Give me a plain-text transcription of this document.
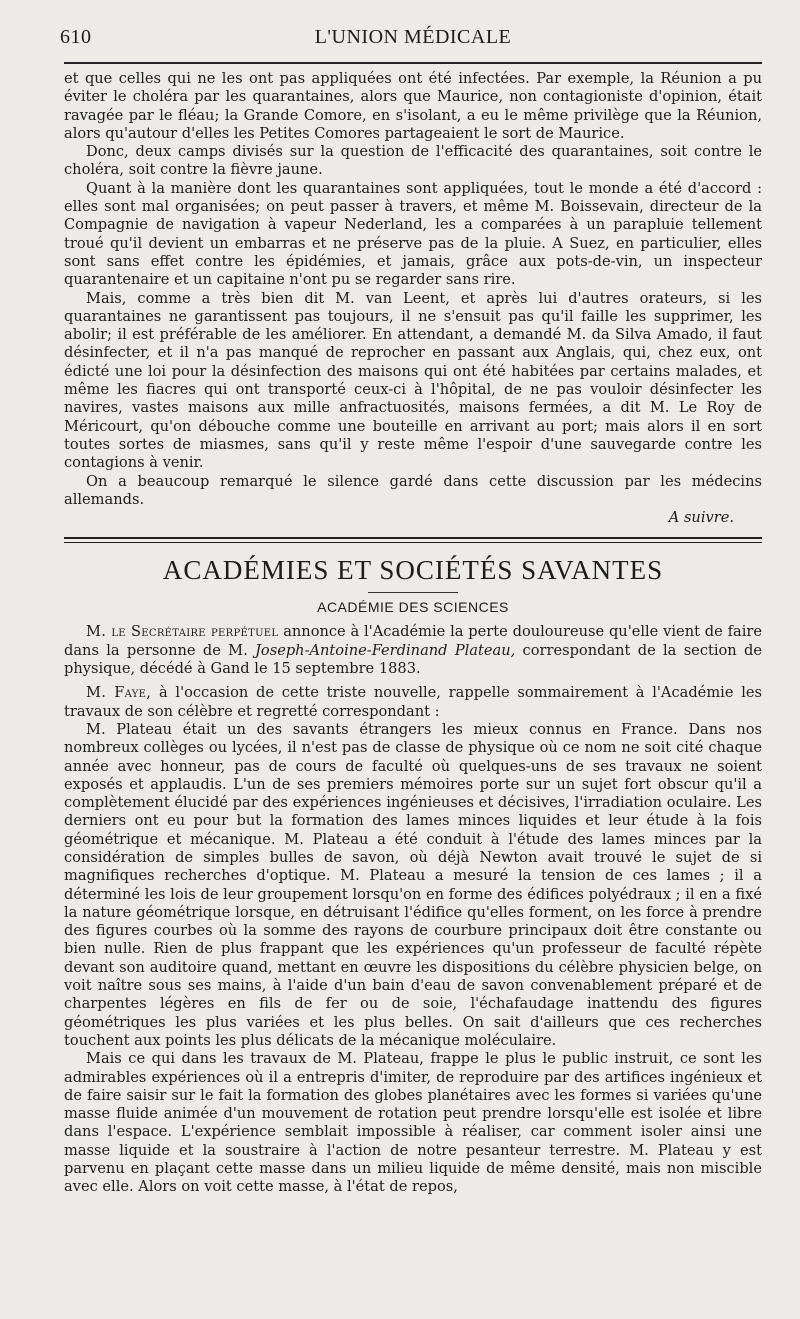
610	L'UNION MÉDICALE

et que celles qui ne les ont pas appliquées ont été infectées. Par exemple, la Réunion a pu éviter le choléra par les quarantaines, alors que Maurice, non contagioniste d'opinion, était ravagée par le fléau; la Grande Comore, en s'isolant, a eu le même privilège que la Réunion, alors qu'autour d'elles les Petites Comores partageaient le sort de Maurice.

Donc, deux camps divisés sur la question de l'efficacité des quarantaines, soit contre le choléra, soit contre la fièvre jaune.

Quant à la manière dont les quarantaines sont appliquées, tout le monde a été d'accord : elles sont mal organisées; on peut passer à travers, et même M. Boissevain, directeur de la Compagnie de navigation à vapeur Nederland, les a comparées à un parapluie tellement troué qu'il devient un embarras et ne préserve pas de la pluie. A Suez, en particulier, elles sont sans effet contre les épidémies, et jamais, grâce aux pots-de-vin, un inspecteur quarantenaire et un capitaine n'ont pu se regarder sans rire.

Mais, comme a très bien dit M. van Leent, et après lui d'autres orateurs, si les quarantaines ne garantissent pas toujours, il ne s'ensuit pas qu'il faille les supprimer, les abolir; il est préférable de les améliorer. En attendant, a demandé M. da Silva Amado, il faut désinfecter, et il n'a pas manqué de reprocher en passant aux Anglais, qui, chez eux, ont édicté une loi pour la désinfection des maisons qui ont été habitées par certains malades, et même les fiacres qui ont transporté ceux-ci à l'hôpital, de ne pas vouloir désinfecter les navires, vastes maisons aux mille anfractuosités, maisons fermées, a dit M. Le Roy de Méricourt, qu'on débouche comme une bouteille en arrivant au port; mais alors il en sort toutes sortes de miasmes, sans qu'il y reste même l'espoir d'une sauvegarde contre les contagions à venir.

On a beaucoup remarqué le silence gardé dans cette discussion par les médecins allemands.

A suivre.
ACADÉMIES ET SOCIÉTÉS SAVANTES
ACADÉMIE DES SCIENCES

M. le Secrétaire perpétuel annonce à l'Académie la perte douloureuse qu'elle vient de faire dans la personne de M. Joseph-Antoine-Ferdinand Plateau, correspondant de la section de physique, décédé à Gand le 15 septembre 1883.

M. Faye, à l'occasion de cette triste nouvelle, rappelle sommairement à l'Académie les travaux de son célèbre et regretté correspondant :

M. Plateau était un des savants étrangers les mieux connus en France. Dans nos nombreux collèges ou lycées, il n'est pas de classe de physique où ce nom ne soit cité chaque année avec honneur, pas de cours de faculté où quelques-uns de ses travaux ne soient exposés et applaudis. L'un de ses premiers mémoires porte sur un sujet fort obscur qu'il a complètement élucidé par des expériences ingénieuses et décisives, l'irradiation oculaire. Les derniers ont eu pour but la formation des lames minces liquides et leur étude à la fois géométrique et mécanique. M. Plateau a été conduit à l'étude des lames minces par la considération de simples bulles de savon, où déjà Newton avait trouvé le sujet de si magnifiques recherches d'optique. M. Plateau a mesuré la tension de ces lames ; il a déterminé les lois de leur groupement lorsqu'on en forme des édifices polyédraux ; il en a fixé la nature géométrique lorsque, en détruisant l'édifice qu'elles forment, on les force à prendre des figures courbes où la somme des rayons de courbure principaux doit être constante ou bien nulle. Rien de plus frappant que les expériences qu'un professeur de faculté répète devant son auditoire quand, mettant en œuvre les dispositions du célèbre physicien belge, on voit naître sous ses mains, à l'aide d'un bain d'eau de savon convenablement préparé et de charpentes légères en fils de fer ou de soie, l'échafaudage inattendu des figures géométriques les plus variées et les plus belles. On sait d'ailleurs que ces recherches touchent aux points les plus délicats de la mécanique moléculaire.

Mais ce qui dans les travaux de M. Plateau, frappe le plus le public instruit, ce sont les admirables expériences où il a entrepris d'imiter, de reproduire par des artifices ingénieux et de faire saisir sur le fait la formation des globes planétaires avec les formes si variées qu'une masse fluide animée d'un mouvement de rotation peut prendre lorsqu'elle est isolée et libre dans l'espace. L'expérience semblait impossible à réaliser, car comment isoler ainsi une masse liquide et la soustraire à l'action de notre pesanteur terrestre. M. Plateau y est parvenu en plaçant cette masse dans un milieu liquide de même densité, mais non miscible avec elle. Alors on voit cette masse, à l'état de repos,
